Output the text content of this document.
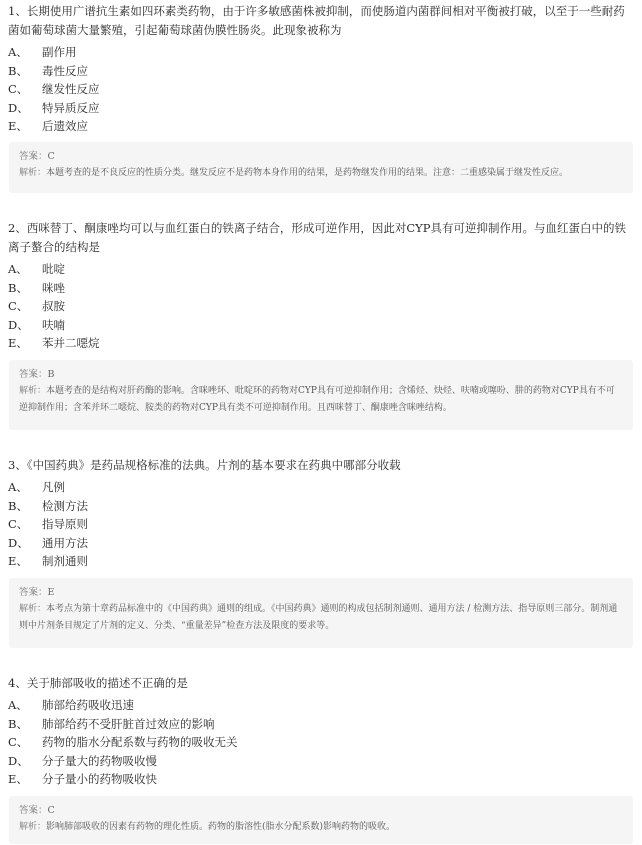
1、长期使用广谱抗生素如四环素类药物，由于许多敏感菌株被抑制，而使肠道内菌群间相对平衡被打破，以至于一些耐药菌如葡萄球菌大量繁殖，引起葡萄球菌伪膜性肠炎。此现象被称为

A、	副作用
B、	毒性反应
C、	继发性反应
D、	特异质反应
E、	后遗效应

答案：C

解析：本题考查的是不良反应的性质分类。继发反应不是药物本身作用的结果，是药物继发作用的结果。注意：二重感染属于继发性反应。

2、西咪替丁、酮康唑均可以与血红蛋白的铁离子结合，形成可逆作用，因此对CYP具有可逆抑制作用。与血红蛋白中的铁离子螯合的结构是

A、	吡啶
B、	咪唑
C、	叔胺
D、	呋喃
E、	苯并二噁烷

答案：B

解析：本题考查的是结构对肝药酶的影响。含咪唑环、吡啶环的药物对CYP具有可逆抑制作用；含烯烃、炔烃、呋喃或噻吩、肼的药物对CYP具有不可逆抑制作用；含苯并环二噁烷、胺类的药物对CYP具有类不可逆抑制作用。且西咪替丁、酮康唑含咪唑结构。

3、《中国药典》是药品规格标准的法典。片剂的基本要求在药典中哪部分收载

A、	凡例
B、	检测方法
C、	指导原则
D、	通用方法
E、	制剂通则

答案：E

解析：本考点为第十章药品标准中的《中国药典》通则的组成。《中国药典》通则的构成包括制剂通则、通用方法 / 检测方法、指导原则三部分。制剂通则中片剂条目规定了片剂的定义、分类、“重量差异”检查方法及限度的要求等。

4、关于肺部吸收的描述不正确的是

A、	肺部给药吸收迅速
B、	肺部给药不受肝脏首过效应的影响
C、	药物的脂水分配系数与药物的吸收无关
D、	分子量大的药物吸收慢
E、	分子量小的药物吸收快

答案：C

解析：影响肺部吸收的因素有药物的理化性质。药物的脂溶性(脂水分配系数)影响药物的吸收。
